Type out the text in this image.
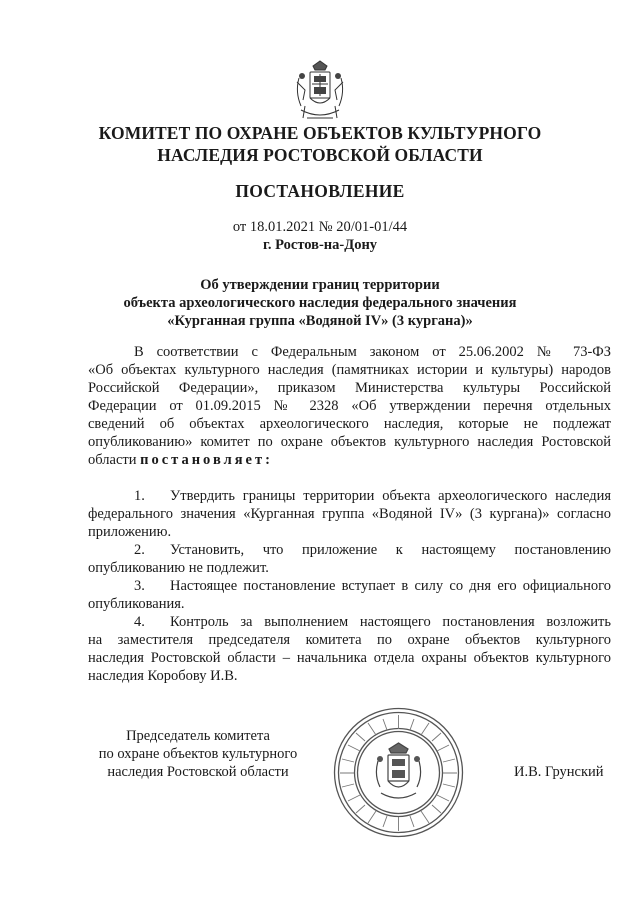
КОМИТЕТ ПО ОХРАНЕ ОБЪЕКТОВ КУЛЬТУРНОГО
НАСЛЕДИЯ РОСТОВСКОЙ ОБЛАСТИ
ПОСТАНОВЛЕНИЕ
от 18.01.2021 № 20/01-01/44
г. Ростов-на-Дону
Об утверждении границ территории
объекта археологического наследия федерального значения
«Курганная группа «Водяной IV» (3 кургана)»
В соответствии с Федеральным законом от 25.06.2002 № 73-ФЗ
«Об объектах культурного наследия (памятниках истории и культуры) народов
Российской Федерации», приказом Министерства культуры Российской
Федерации от 01.09.2015 № 2328 «Об утверждении перечня отдельных
сведений об объектах археологического наследия, которые не подлежат
опубликованию» комитет по охране объектов культурного наследия Ростовской
области постановляет:
1. Утвердить границы территории объекта археологического наследия
федерального значения «Курганная группа «Водяной IV» (3 кургана)» согласно
приложению.
2. Установить, что приложение к настоящему постановлению
опубликованию не подлежит.
3. Настоящее постановление вступает в силу со дня его официального
опубликования.
4. Контроль за выполнением настоящего постановления возложить
на заместителя председателя комитета по охране объектов культурного
наследия Ростовской области – начальника отдела охраны объектов культурного
наследия Коробову И.В.
Председатель комитета
по охране объектов культурного
наследия Ростовской области	И.В. Грунский
